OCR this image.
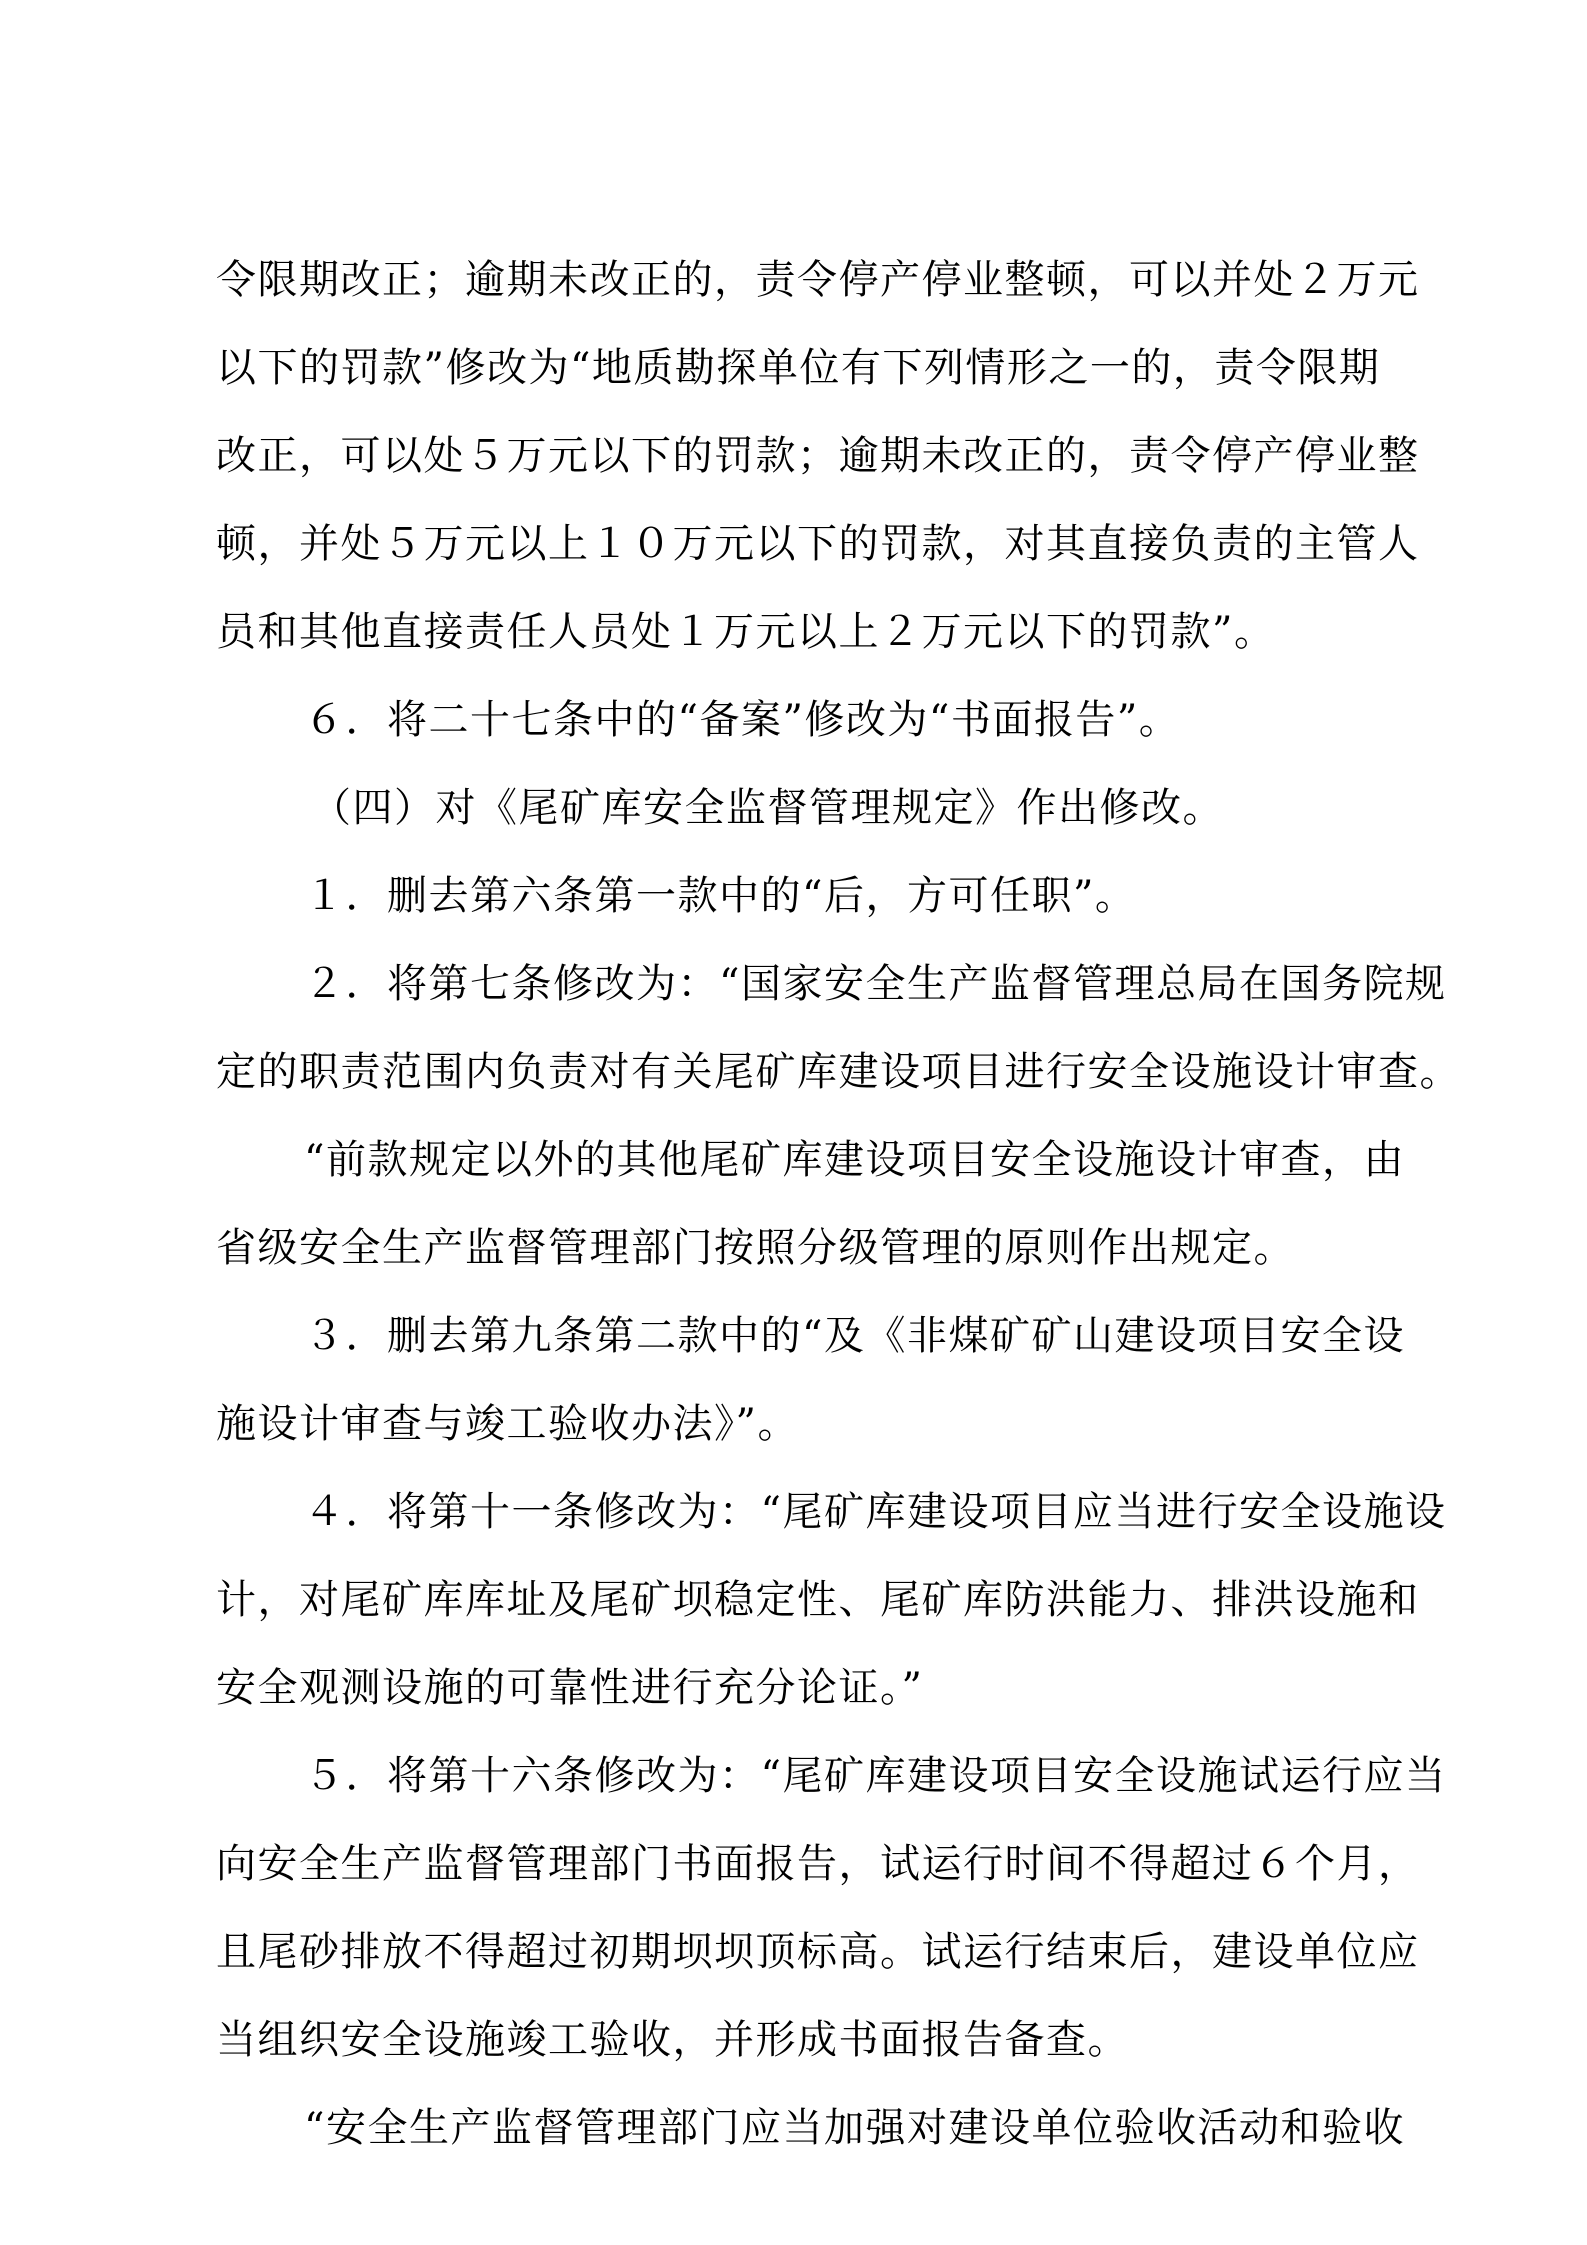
令限期改正；逾期未改正的，责令停产停业整顿，可以并处２万元
以下的罚款”修改为“地质勘探单位有下列情形之一的，责令限期
改正，可以处５万元以下的罚款；逾期未改正的，责令停产停业整
顿，并处５万元以上１０万元以下的罚款，对其直接负责的主管人
员和其他直接责任人员处１万元以上２万元以下的罚款”。
６．将二十七条中的“备案”修改为“书面报告”。
（四）对《尾矿库安全监督管理规定》作出修改。
１．删去第六条第一款中的“后，方可任职”。
２．将第七条修改为：“国家安全生产监督管理总局在国务院规
定的职责范围内负责对有关尾矿库建设项目进行安全设施设计审查。
“前款规定以外的其他尾矿库建设项目安全设施设计审查，由
省级安全生产监督管理部门按照分级管理的原则作出规定。
３．删去第九条第二款中的“及《非煤矿矿山建设项目安全设
施设计审查与竣工验收办法》”。
４．将第十一条修改为：“尾矿库建设项目应当进行安全设施设
计，对尾矿库库址及尾矿坝稳定性、尾矿库防洪能力、排洪设施和
安全观测设施的可靠性进行充分论证。”
５．将第十六条修改为：“尾矿库建设项目安全设施试运行应当
向安全生产监督管理部门书面报告，试运行时间不得超过６个月，
且尾砂排放不得超过初期坝坝顶标高。试运行结束后，建设单位应
当组织安全设施竣工验收，并形成书面报告备查。
“安全生产监督管理部门应当加强对建设单位验收活动和验收
